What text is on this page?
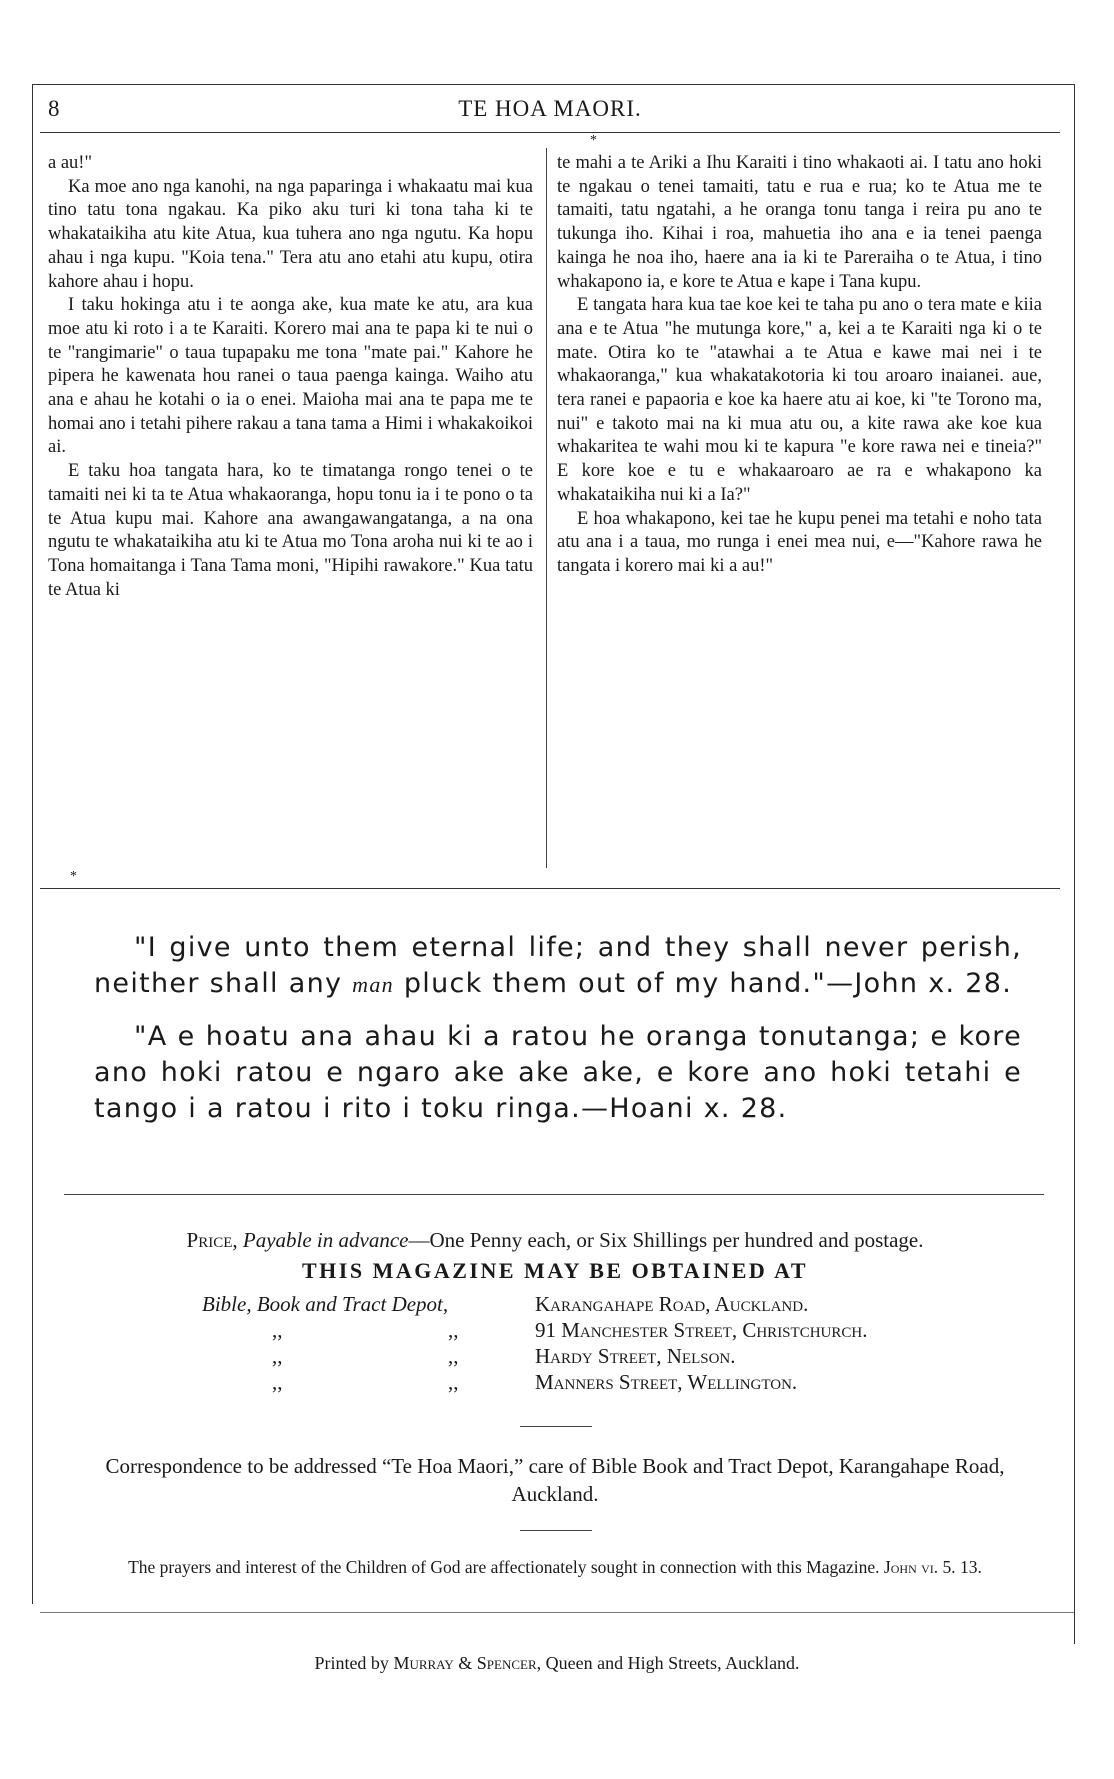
8	TE HOA MAORI.
*

a au!"

Ka moe ano nga kanohi, na nga paparinga i whakaatu mai kua tino tatu tona ngakau. Ka piko aku turi ki tona taha ki te whakataikiha atu kite Atua, kua tuhera ano nga ngutu. Ka hopu ahau i nga kupu. "Koia tena." Tera atu ano etahi atu kupu, otira kahore ahau i hopu.

I taku hokinga atu i te aonga ake, kua mate ke atu, ara kua moe atu ki roto i a te Karaiti. Korero mai ana te papa ki te nui o te "rangimarie" o taua tupapaku me tona "mate pai." Kahore he pipera he kawenata hou ranei o taua paenga kainga. Waiho atu ana e ahau he kotahi o ia o enei. Maioha mai ana te papa me te homai ano i tetahi pihere rakau a tana tama a Himi i whakakoikoi ai.

E taku hoa tangata hara, ko te timatanga rongo tenei o te tamaiti nei ki ta te Atua whakaoranga, hopu tonu ia i te pono o ta te Atua kupu mai. Kahore ana awangawangatanga, a na ona ngutu te whakataikiha atu ki te Atua mo Tona aroha nui ki te ao i Tona homaitanga i Tana Tama moni, "Hipihi rawakore." Kua tatu te Atua ki

te mahi a te Ariki a Ihu Karaiti i tino whakaoti ai. I tatu ano hoki te ngakau o tenei tamaiti, tatu e rua e rua; ko te Atua me te tamaiti, tatu ngatahi, a he oranga tonu tanga i reira pu ano te tukunga iho. Kihai i roa, mahuetia iho ana e ia tenei paenga kainga he noa iho, haere ana ia ki te Pareraiha o te Atua, i tino whakapono ia, e kore te Atua e kape i Tana kupu.

E tangata hara kua tae koe kei te taha pu ano o tera mate e kiia ana e te Atua "he mutunga kore," a, kei a te Karaiti nga ki o te mate. Otira ko te "atawhai a te Atua e kawe mai nei i te whakaoranga," kua whakatakotoria ki tou aroaro inaianei. aue, tera ranei e papaoria e koe ka haere atu ai koe, ki "te Torono ma, nui" e takoto mai na ki mua atu ou, a kite rawa ake koe kua whakaritea te wahi mou ki te kapura "e kore rawa nei e tineia?" E kore koe e tu e whakaaroaro ae ra e whakapono ka whakataikiha nui ki a Ia?"

E hoa whakapono, kei tae he kupu penei ma tetahi e noho tata atu ana i a taua, mo runga i enei mea nui, e—"Kahore rawa he tangata i korero mai ki a au!"

*

"I give unto them eternal life; and they shall never perish, neither shall any man pluck them out of my hand."—John x. 28.

"A e hoatu ana ahau ki a ratou he oranga tonutanga; e kore ano hoki ratou e ngaro ake ake ake, e kore ano hoki tetahi e tango i a ratou i rito i toku ringa.—Hoani x. 28.

Price, Payable in advance—One Penny each, or Six Shillings per hundred and postage.
THIS MAGAZINE MAY BE OBTAINED AT
Bible, Book and Tract Depot,	Karangahape Road, Auckland.
,,	,,	91 Manchester Street, Christchurch.
,,	,,	Hardy Street, Nelson.
,,	,,	Manners Street, Wellington.
Correspondence to be addressed “Te Hoa Maori,” care of Bible Book and Tract Depot, Karangahape Road, Auckland.
The prayers and interest of the Children of God are affectionately sought in connection with this Magazine. John vi. 5. 13.
Printed by Murray & Spencer, Queen and High Streets, Auckland.
